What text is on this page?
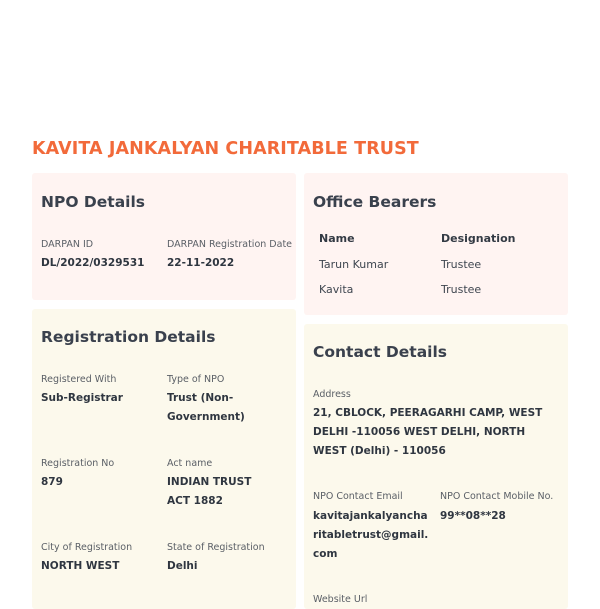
KAVITA JANKALYAN CHARITABLE TRUST
NPO Details
DARPAN ID
DL/2022/0329531
DARPAN Registration Date
22-11-2022
Office Bearers
Name	Designation
Tarun Kumar	Trustee
Kavita	Trustee
Registration Details
Registered With
Sub-Registrar
Type of NPO
Trust (Non-Government)
Registration No
879
Act name
INDIAN TRUST ACT 1882
City of Registration
NORTH WEST
State of Registration
Delhi
Contact Details
Address
21, CBLOCK, PEERAGARHI CAMP, WEST DELHI -110056 WEST DELHI, NORTH WEST (Delhi) - 110056
NPO Contact Email
kavitajankalyancharitabletrust@gmail.com
NPO Contact Mobile No.
99**08**28
Website Url
